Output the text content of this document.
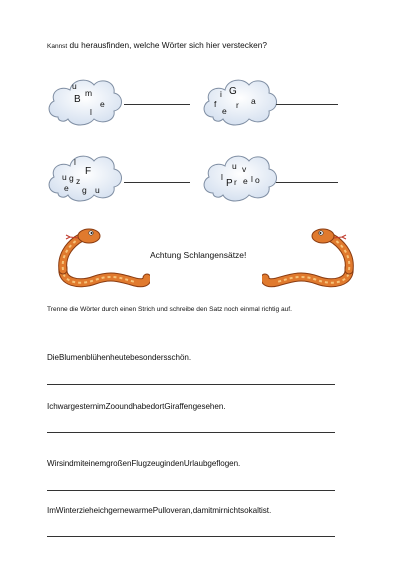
Kannst du herausfinden, welche Wörter sich hier verstecken?
u
B
m
l
e
i G
f
e
r a
l
u g
F
z
e g u
u v
l
P r e l o
Achtung Schlangensätze!
Trenne die Wörter durch einen Strich und schreibe den Satz noch einmal richtig auf.
DieBlumenblühenheutebesondersschön.
IchwargesternimZooundhabedortGiraffengesehen.
WirsindmiteinemgroßenFlugzeugindenUrlaubgeflogen.
ImWinterzieheichgernewarmePulloveran,damitmirnichtsokaltist.
